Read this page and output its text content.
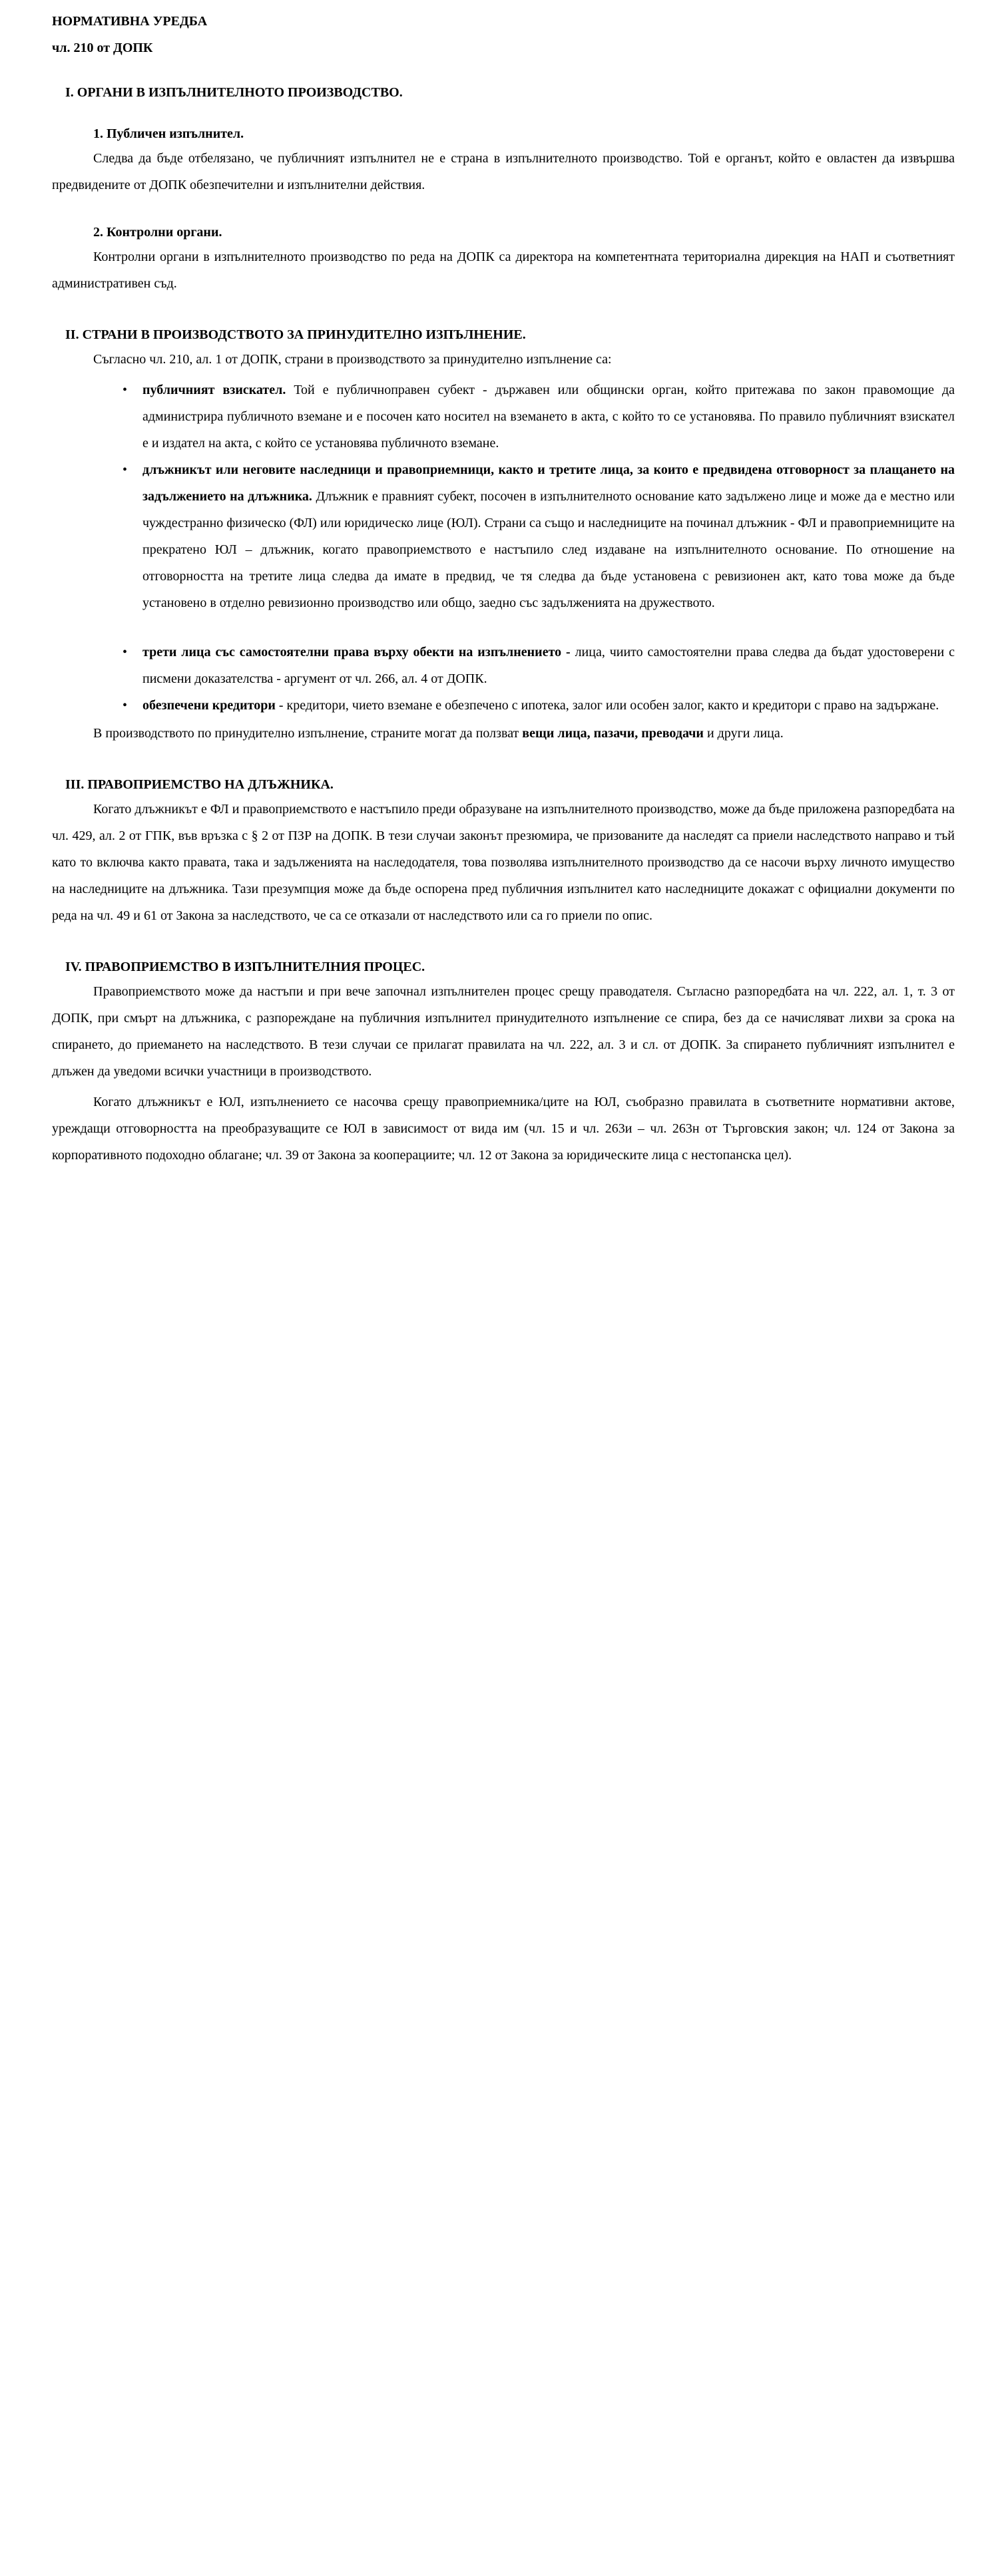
НОРМАТИВНА УРЕДБА
чл. 210 от ДОПК
I. ОРГАНИ В ИЗПЪЛНИТЕЛНОТО ПРОИЗВОДСТВО.
1. Публичен изпълнител.

Следва да бъде отбелязано, че публичният изпълнител не е страна в изпълнителното производство. Той е органът, който е овластен да извършва предвидените от ДОПК обезпечителни и изпълнителни действия.

2. Контролни органи.

Контролни органи в изпълнителното производство по реда на ДОПК са директора на компетентната териториална дирекция на НАП и съответният административен съд.

II. СТРАНИ В ПРОИЗВОДСТВОТО ЗА ПРИНУДИТЕЛНО ИЗПЪЛНЕНИЕ.

Съгласно чл. 210, ал. 1 от ДОПК, страни в производството за принудително изпълнение са:

• публичният взискател. Той е публичноправен субект - държавен или общински орган, който притежава по закон правомощие да администрира публичното вземане и е посочен като носител на вземането в акта, с който то се установява. По правило публичният взискател е и издател на акта, с който се установява публичното вземане.
• длъжникът или неговите наследници и правоприемници, както и третите лица, за които е предвидена отговорност за плащането на задължението на длъжника. Длъжник е правният субект, посочен в изпълнителното основание като задължено лице и може да е местно или чуждестранно физическо (ФЛ) или юридическо лице (ЮЛ). Страни са също и наследниците на починал длъжник - ФЛ и правоприемниците на прекратено ЮЛ – длъжник, когато правоприемството е настъпило след издаване на изпълнителното основание. По отношение на отговорността на третите лица следва да имате в предвид, че тя следва да бъде установена с ревизионен акт, като това може да бъде установено в отделно ревизионно производство или общо, заедно със задълженията на дружеството.
• трети лица със самостоятелни права върху обекти на изпълнението - лица, чиито самостоятелни права следва да бъдат удостоверени с писмени доказателства - аргумент от чл. 266, ал. 4 от ДОПК.
• обезпечени кредитори - кредитори, чието вземане е обезпечено с ипотека, залог или особен залог, както и кредитори с право на задържане.

В производството по принудително изпълнение, страните могат да ползват вещи лица, пазачи, преводачи и други лица.

III. ПРАВОПРИЕМСТВО НА ДЛЪЖНИКА.

Когато длъжникът е ФЛ и правоприемството е настъпило преди образуване на изпълнителното производство, може да бъде приложена разпоредбата на чл. 429, ал. 2 от ГПК, във връзка с § 2 от ПЗР на ДОПК. В тези случаи законът презюмира, че призованите да наследят са приели наследството направо и тъй като то включва както правата, така и задълженията на наследодателя, това позволява изпълнителното производство да се насочи върху личното имущество на наследниците на длъжника. Тази презумпция може да бъде оспорена пред публичния изпълнител като наследниците докажат с официални документи по реда на чл. 49 и 61 от Закона за наследството, че са се отказали от наследството или са го приели по опис.

IV. ПРАВОПРИЕМСТВО В ИЗПЪЛНИТЕЛНИЯ ПРОЦЕС.

Правоприемството може да настъпи и при вече започнал изпълнителен процес срещу праводателя. Съгласно разпоредбата на чл. 222, ал. 1, т. 3 от ДОПК, при смърт на длъжника, с разпореждане на публичния изпълнител принудителното изпълнение се спира, без да се начисляват лихви за срока на спирането, до приемането на наследството. В тези случаи се прилагат правилата на чл. 222, ал. 3 и сл. от ДОПК. За спирането публичният изпълнител е длъжен да уведоми всички участници в производството.

Когато длъжникът е ЮЛ, изпълнението се насочва срещу правоприемника/ците на ЮЛ, съобразно правилата в съответните нормативни актове, уреждащи отговорността на преобразуващите се ЮЛ в зависимост от вида им (чл. 15 и чл. 263и – чл. 263н от Търговския закон; чл. 124 от Закона за корпоративното подоходно облагане; чл. 39 от Закона за кооперациите; чл. 12 от Закона за юридическите лица с нестопанска цел).
